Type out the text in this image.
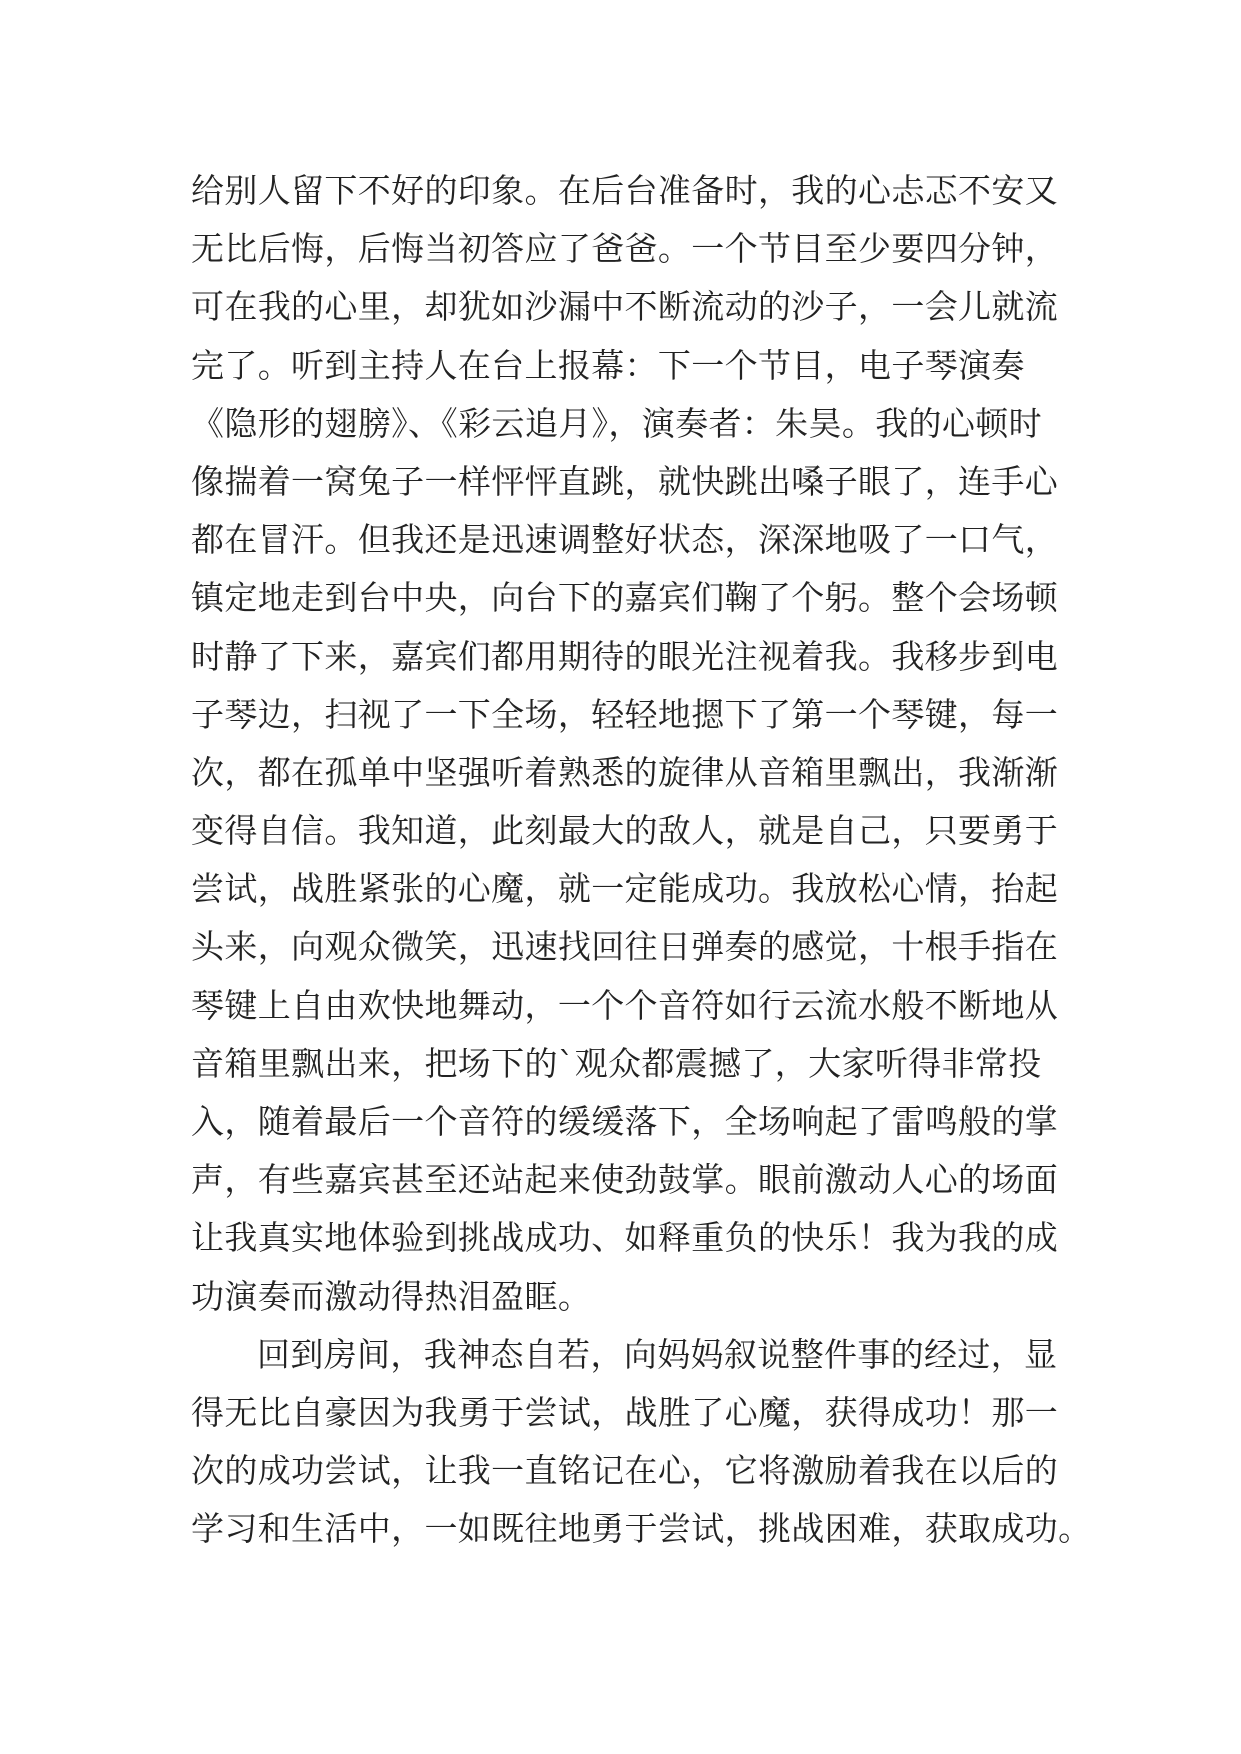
给别人留下不好的印象。在后台准备时，我的心忐忑不安又
无比后悔，后悔当初答应了爸爸。一个节目至少要四分钟，
可在我的心里，却犹如沙漏中不断流动的沙子，一会儿就流
完了。听到主持人在台上报幕：下一个节目，电子琴演奏
《隐形的翅膀》、《彩云追月》，演奏者：朱昊。我的心顿时
像揣着一窝兔子一样怦怦直跳，就快跳出嗓子眼了，连手心
都在冒汗。但我还是迅速调整好状态，深深地吸了一口气，
镇定地走到台中央，向台下的嘉宾们鞠了个躬。整个会场顿
时静了下来，嘉宾们都用期待的眼光注视着我。我移步到电
子琴边，扫视了一下全场，轻轻地摁下了第一个琴键，每一
次，都在孤单中坚强听着熟悉的旋律从音箱里飘出，我渐渐
变得自信。我知道，此刻最大的敌人，就是自己，只要勇于
尝试，战胜紧张的心魔，就一定能成功。我放松心情，抬起
头来，向观众微笑，迅速找回往日弹奏的感觉，十根手指在
琴键上自由欢快地舞动，一个个音符如行云流水般不断地从
音箱里飘出来，把场下的`观众都震撼了，大家听得非常投
入，随着最后一个音符的缓缓落下，全场响起了雷鸣般的掌
声，有些嘉宾甚至还站起来使劲鼓掌。眼前激动人心的场面
让我真实地体验到挑战成功、如释重负的快乐！我为我的成
功演奏而激动得热泪盈眶。
回到房间，我神态自若，向妈妈叙说整件事的经过，显
得无比自豪因为我勇于尝试，战胜了心魔，获得成功！那一
次的成功尝试，让我一直铭记在心，它将激励着我在以后的
学习和生活中，一如既往地勇于尝试，挑战困难，获取成功。
